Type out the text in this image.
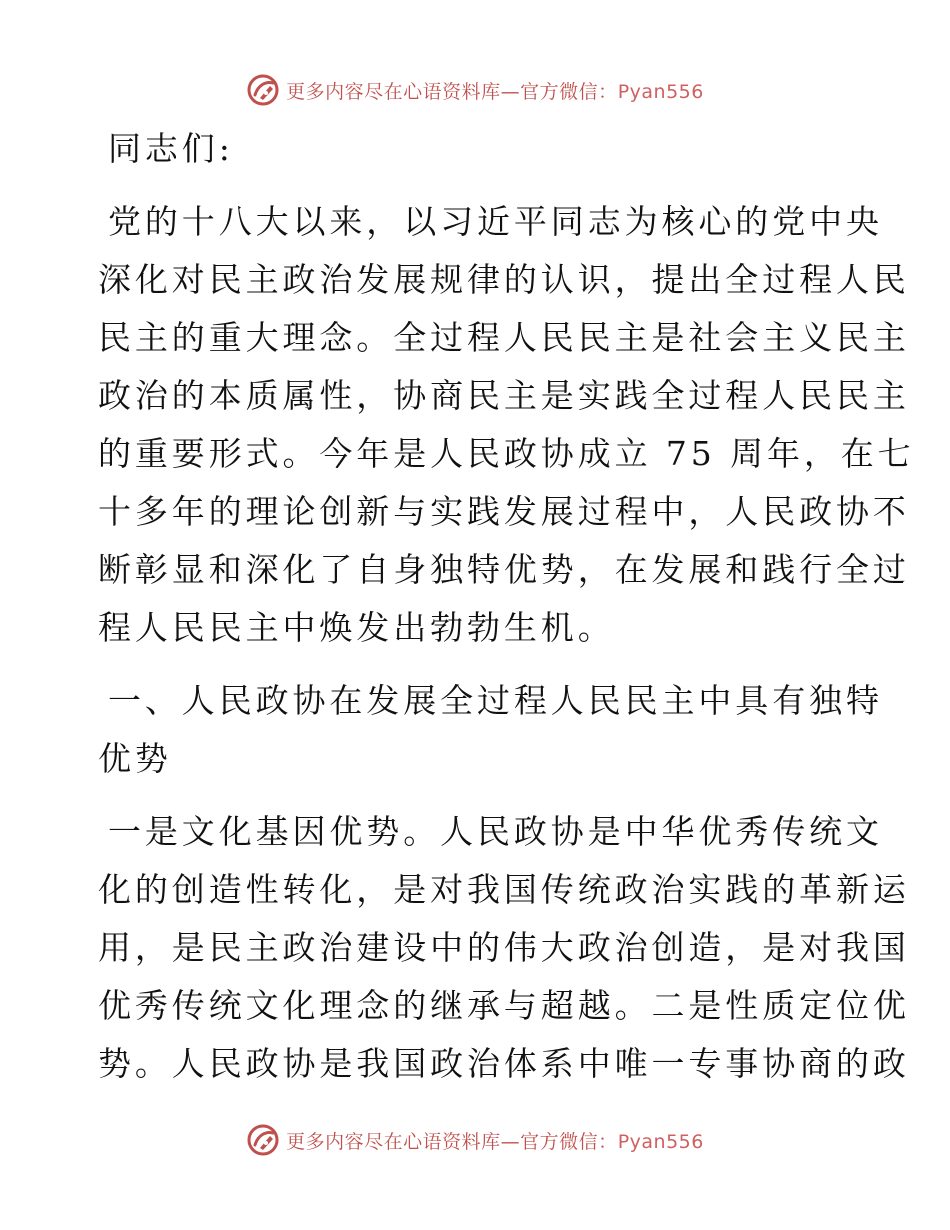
更多内容尽在心语资料库—官方微信：Pyan556
同志们:
党的十八大以来，以习近平同志为核心的党中央
深化对民主政治发展规律的认识，提出全过程人民
民主的重大理念。全过程人民民主是社会主义民主
政治的本质属性，协商民主是实践全过程人民民主
的重要形式。今年是人民政协成立 75 周年，在七
十多年的理论创新与实践发展过程中，人民政协不
断彰显和深化了自身独特优势，在发展和践行全过
程人民民主中焕发出勃勃生机。
一、人民政协在发展全过程人民民主中具有独特
优势
一是文化基因优势。人民政协是中华优秀传统文
化的创造性转化，是对我国传统政治实践的革新运
用，是民主政治建设中的伟大政治创造，是对我国
优秀传统文化理念的继承与超越。二是性质定位优
势。人民政协是我国政治体系中唯一专事协商的政
更多内容尽在心语资料库—官方微信：Pyan556
